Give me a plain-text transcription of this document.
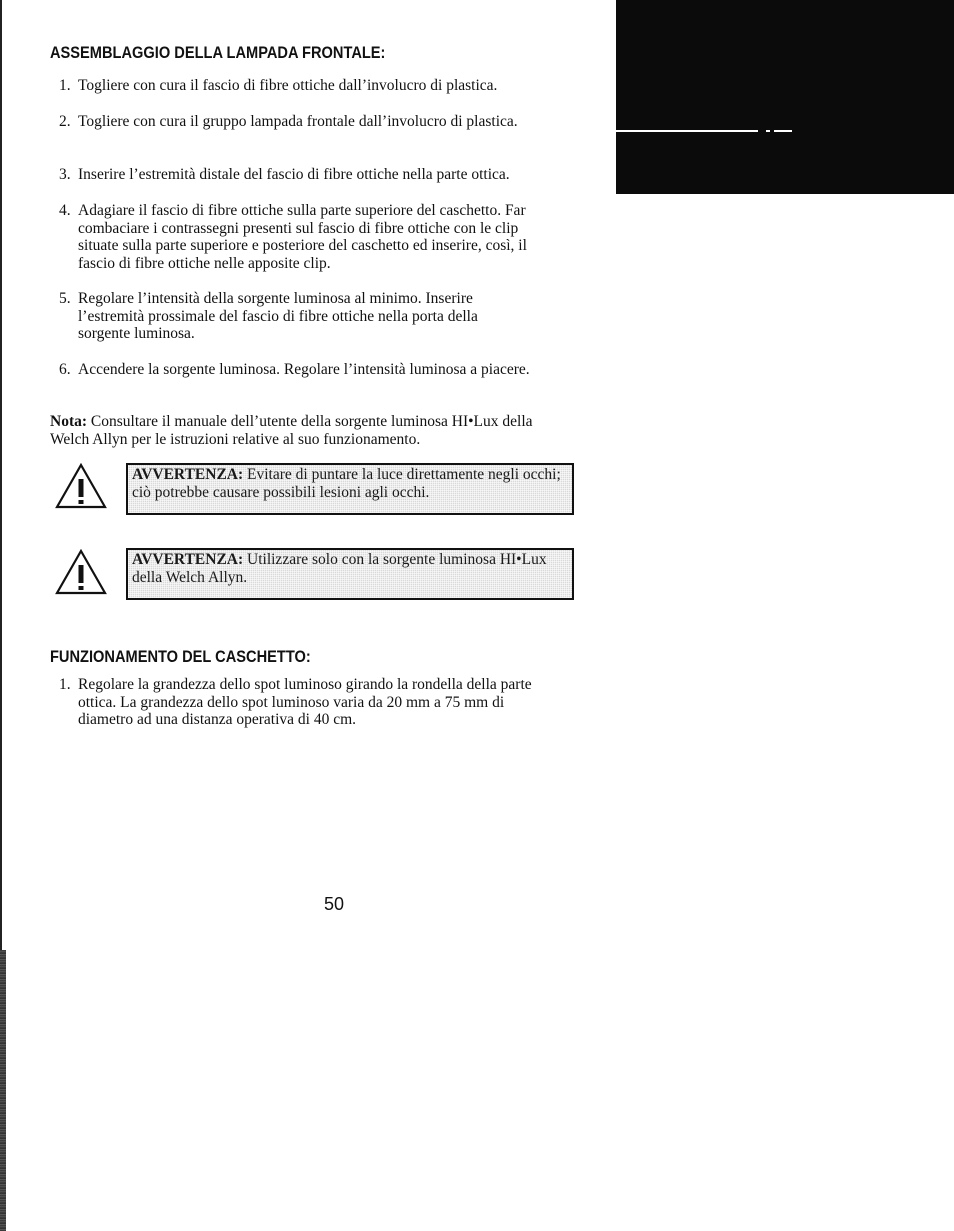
ASSEMBLAGGIO DELLA LAMPADA FRONTALE:
1. Togliere con cura il fascio di fibre ottiche dall’involucro di plastica.
2. Togliere con cura il gruppo lampada frontale dall’involucro di plastica.
3. Inserire l’estremità distale del fascio di fibre ottiche nella parte ottica.
4. Adagiare il fascio di fibre ottiche sulla parte superiore del caschetto. Far combaciare i contrassegni presenti sul fascio di fibre ottiche con le clip situate sulla parte superiore e posteriore del caschetto ed inserire, così, il fascio di fibre ottiche nelle apposite clip.
5. Regolare l’intensità della sorgente luminosa al minimo. Inserire l’estremità prossimale del fascio di fibre ottiche nella porta della sorgente luminosa.
6. Accendere la sorgente luminosa. Regolare l’intensità luminosa a piacere.

Nota: Consultare il manuale dell’utente della sorgente luminosa HI•Lux della Welch Allyn per le istruzioni relative al suo funzionamento.

AVVERTENZA: Evitare di puntare la luce direttamente negli occhi; ciò potrebbe causare possibili lesioni agli occhi.
AVVERTENZA: Utilizzare solo con la sorgente luminosa HI•Lux della Welch Allyn.
FUNZIONAMENTO DEL CASCHETTO:
1. Regolare la grandezza dello spot luminoso girando la rondella della parte ottica. La grandezza dello spot luminoso varia da 20 mm a 75 mm di diametro ad una distanza operativa di 40 cm.
50
